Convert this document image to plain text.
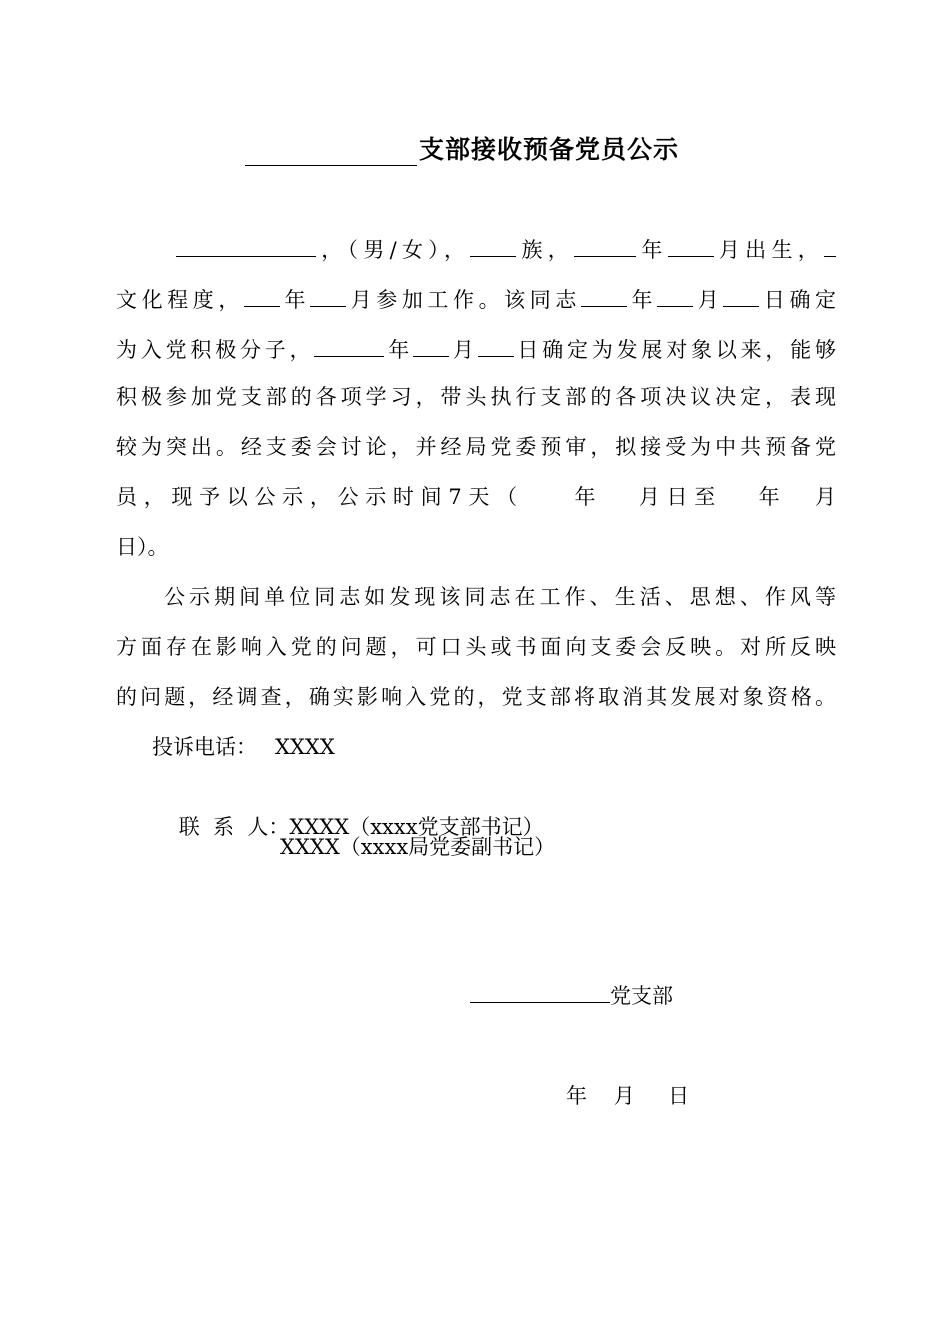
支部接收预备党员公示
，（男/女）， 族，	年 月出生，
文化程度， 年 月参加工作。该同志 年 月 日确定
为入党积极分子，	年 月 日确定为发展对象以来，能够
积极参加党支部的各项学习，带头执行支部的各项决议决定，表现
较为突出。经支委会讨论，并经局党委预审，拟接受为中共预备党
员，现予以公示，公示时间7天（ 年 月日至 年 月
日）。
公示期间单位同志如发现该同志在工作、生活、思想、作风等
方面存在影响入党的问题，可口头或书面向支委会反映。对所反映
的问题，经调查，确实影响入党的，党支部将取消其发展对象资格。
投诉电话： XXXX

联  系  人：XXXX（xxxx党支部书记）

XXXX（xxxx局党委副书记）
党支部
年    月     日
